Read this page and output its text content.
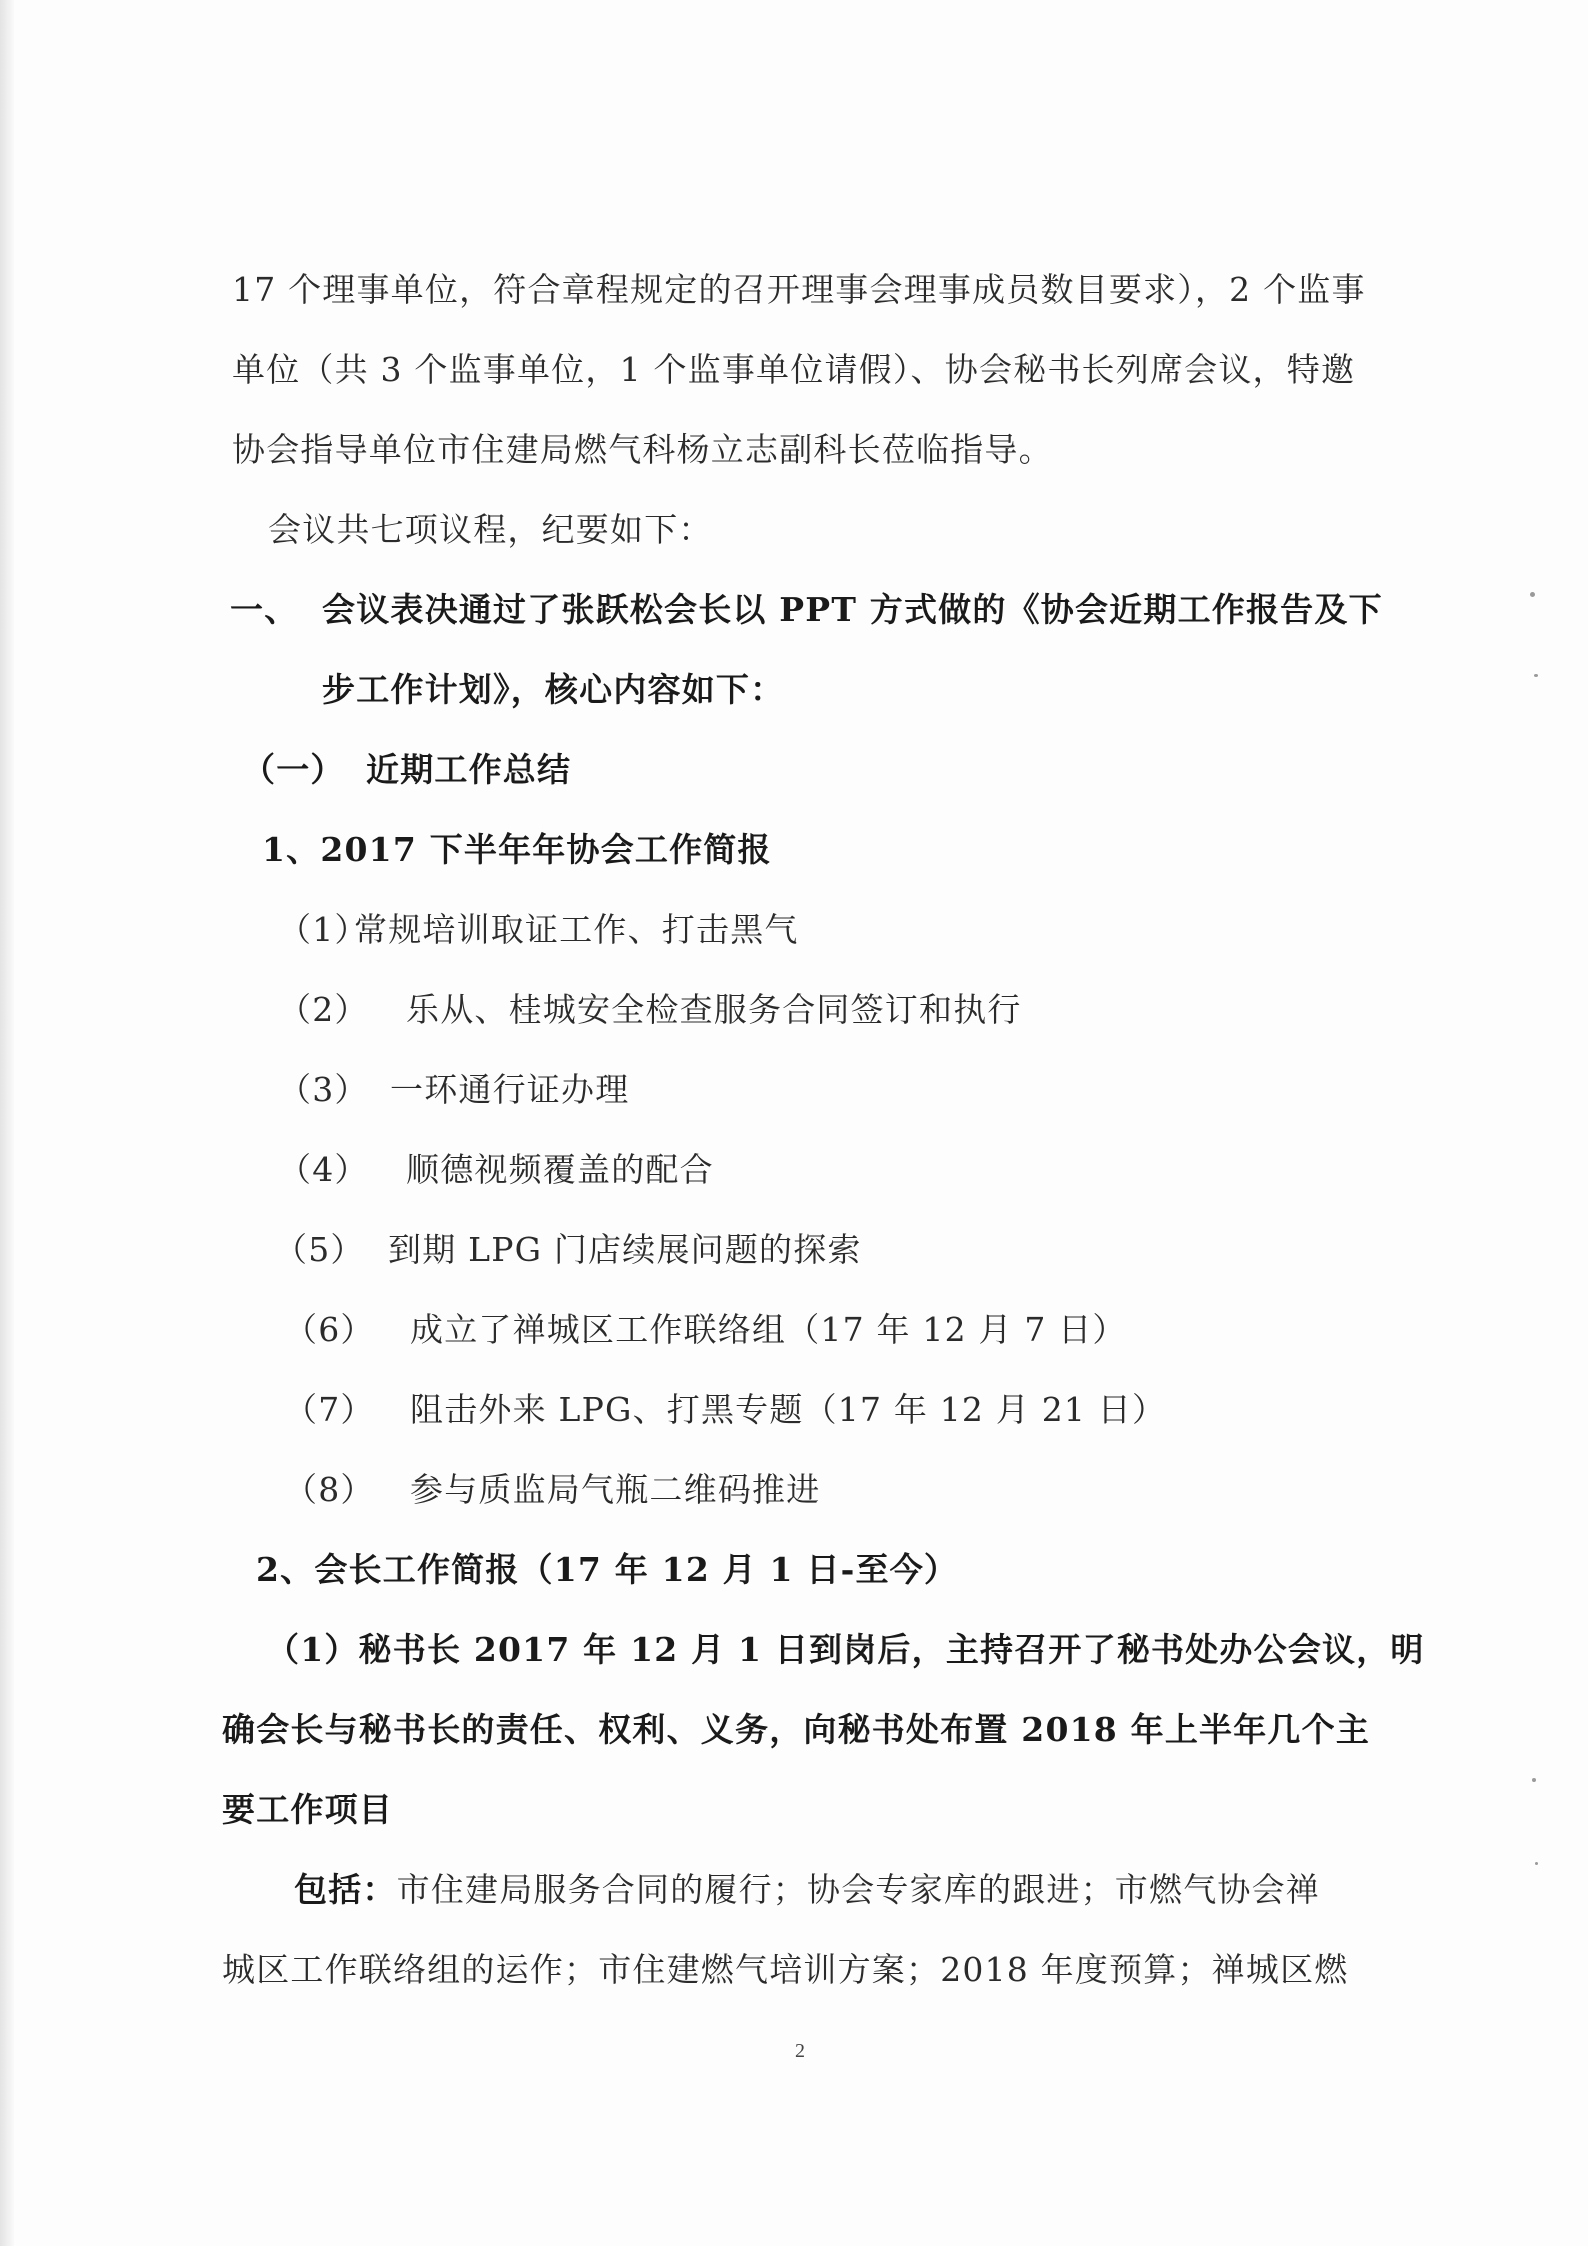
17 个理事单位，符合章程规定的召开理事会理事成员数目要求），2 个监事
单位（共 3 个监事单位，1 个监事单位请假）、协会秘书长列席会议，特邀
协会指导单位市住建局燃气科杨立志副科长莅临指导。
会议共七项议程，纪要如下：
一、 会议表决通过了张跃松会长以 PPT 方式做的《协会近期工作报告及下
步工作计划》，核心内容如下：
（一） 近期工作总结
1、2017 下半年年协会工作简报
（1）常规培训取证工作、打击黑气
（2） 乐从、桂城安全检查服务合同签订和执行
（3） 一环通行证办理
（4） 顺德视频覆盖的配合
（5） 到期 LPG 门店续展问题的探索
（6） 成立了禅城区工作联络组（17 年 12 月 7 日）
（7） 阻击外来 LPG、打黑专题（17 年 12 月 21 日）
（8） 参与质监局气瓶二维码推进
2、会长工作简报（17 年 12 月 1 日-至今）
（1）秘书长 2017 年 12 月 1 日到岗后，主持召开了秘书处办公会议，明
确会长与秘书长的责任、权利、义务，向秘书处布置 2018 年上半年几个主
要工作项目
包括：市住建局服务合同的履行；协会专家库的跟进；市燃气协会禅
城区工作联络组的运作；市住建燃气培训方案；2018 年度预算；禅城区燃
2
